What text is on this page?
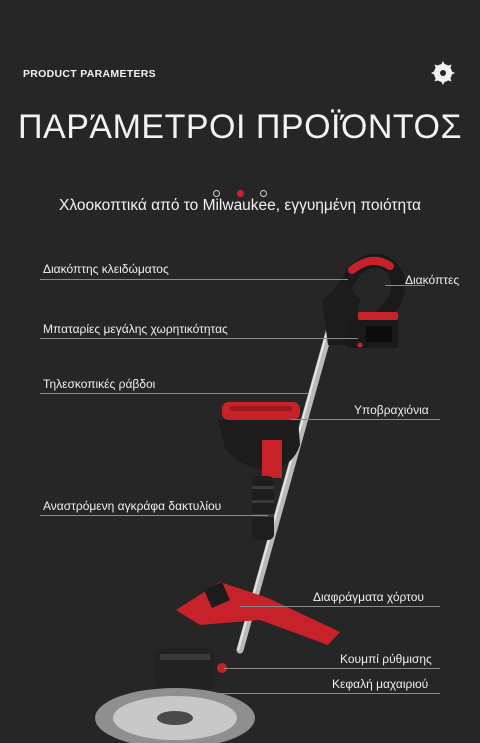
PRODUCT PARAMETERS
ΠΑΡΆΜΕΤΡΟΙ ΠΡΟΪΌΝΤΟΣ

Χλοοκοπτικά από το Milwaukee, εγγυημένη ποιότητα
Διακόπτης κλειδώματος
Διακόπτες
Μπαταρίες μεγάλης χωρητικότητας
Τηλεσκοπικές ράβδοι
Υποβραχιόνια
Αναστρόμενη αγκράφα δακτυλίου
Διαφράγματα χόρτου
Κουμπί ρύθμισης
Κεφαλή μαχαιριού
